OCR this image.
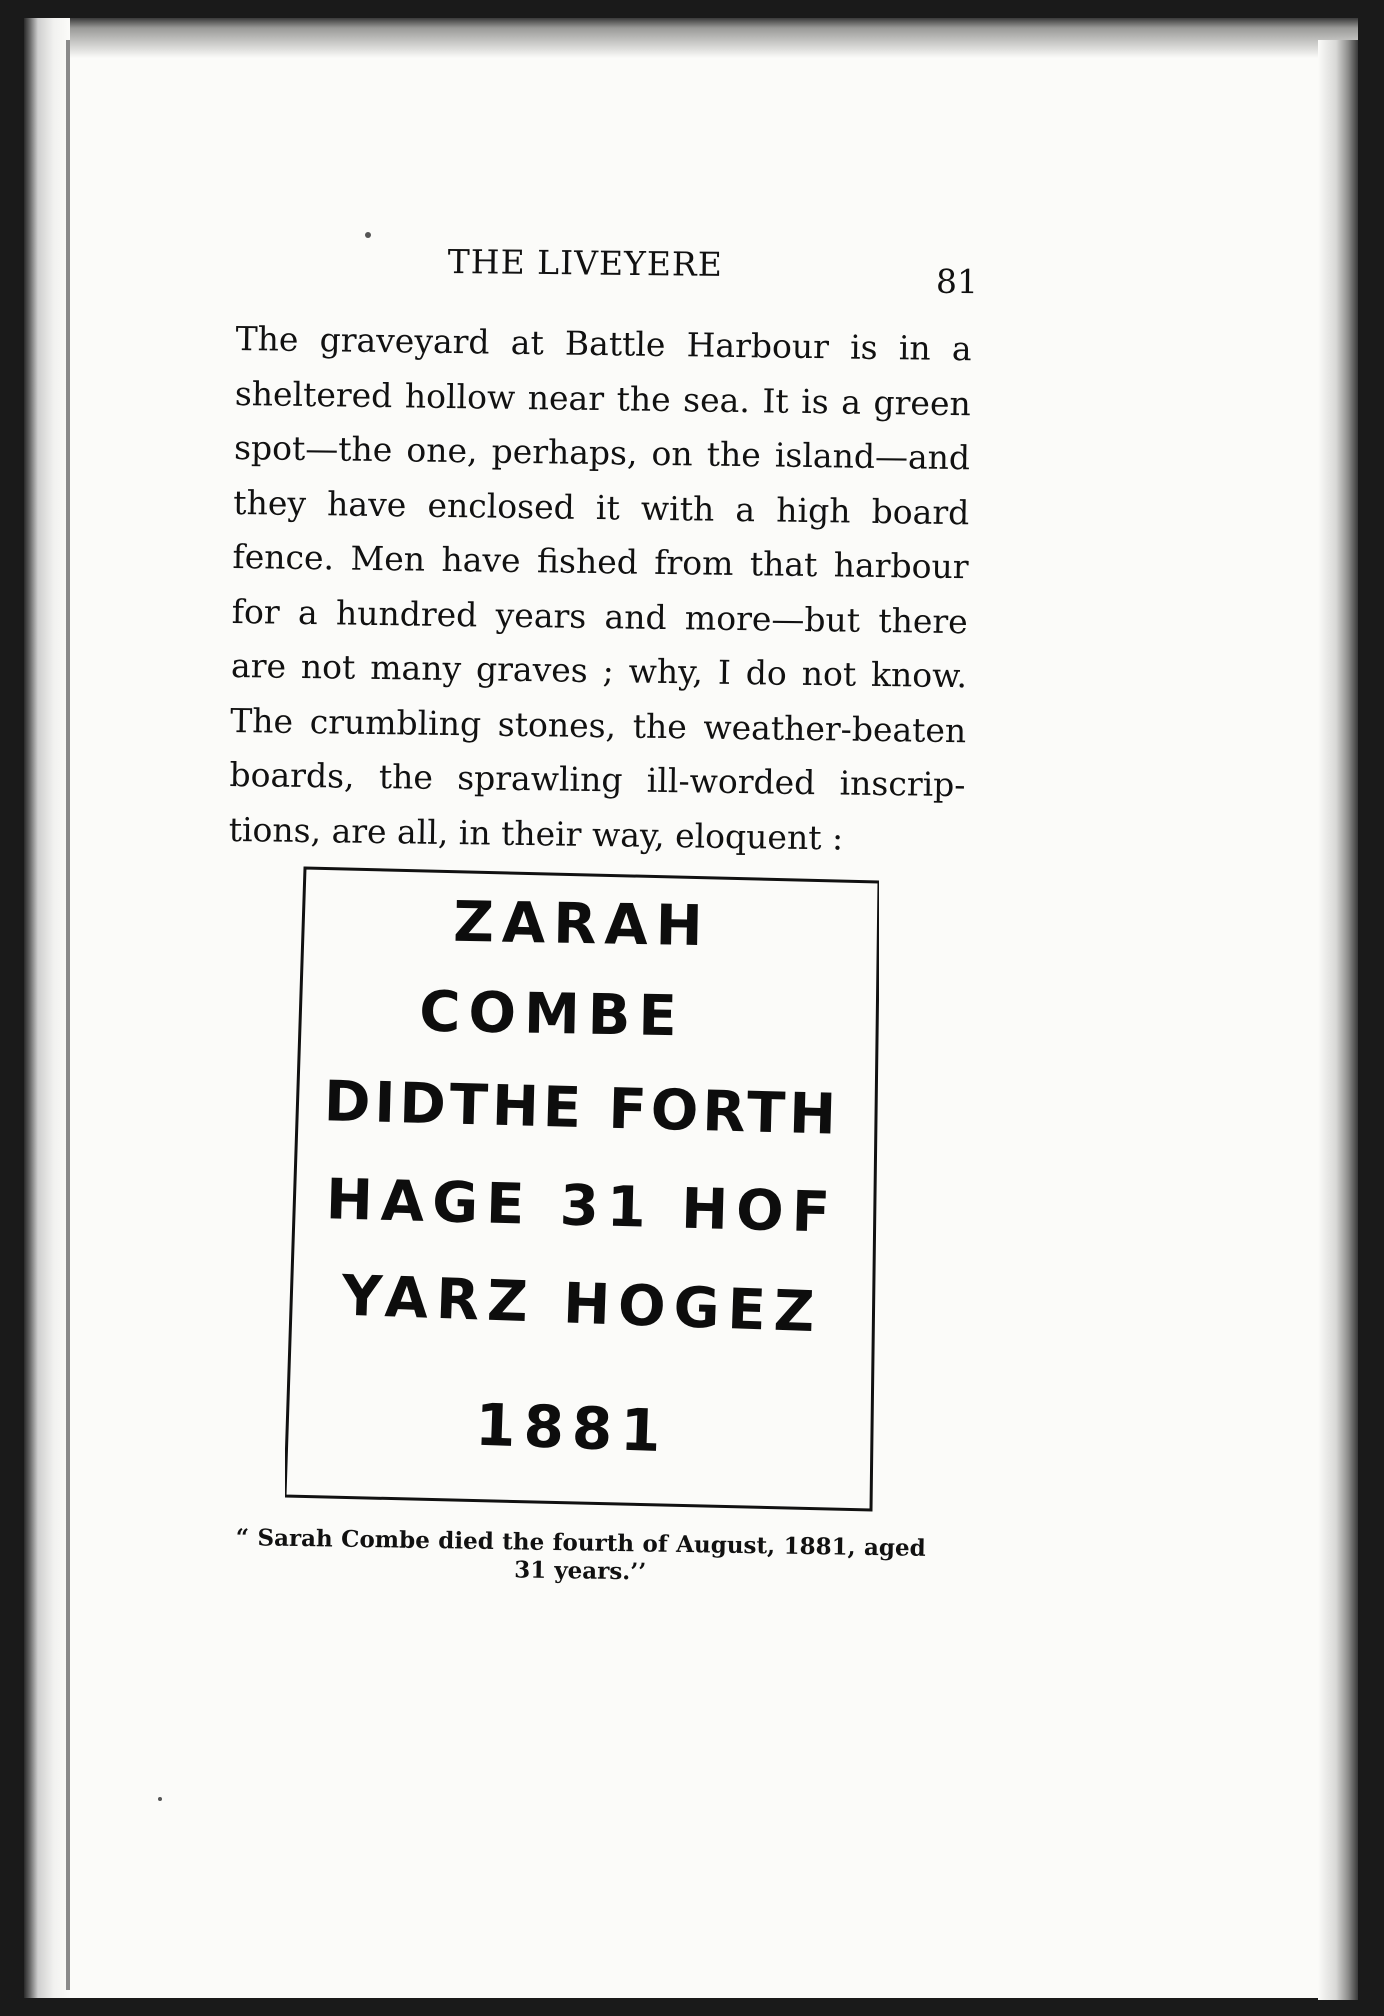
THE LIVEYERE	81
The graveyard at Battle Harbour is in a
sheltered hollow near the sea. It is a green
spot—the one, perhaps, on the island—and
they have enclosed it with a high board
fence. Men have fished from that harbour
for a hundred years and more—but there
are not many graves ; why, I do not know.
The crumbling stones, the weather-beaten
boards, the sprawling ill-worded inscrip-
tions, are all, in their way, eloquent :
ZARAH
COMBE
DIDTHE FORTH
HAGE 31 HOF
YARZ HOGEZ
1881
“ Sarah Combe died the fourth of August, 1881, aged
31 years.’’
